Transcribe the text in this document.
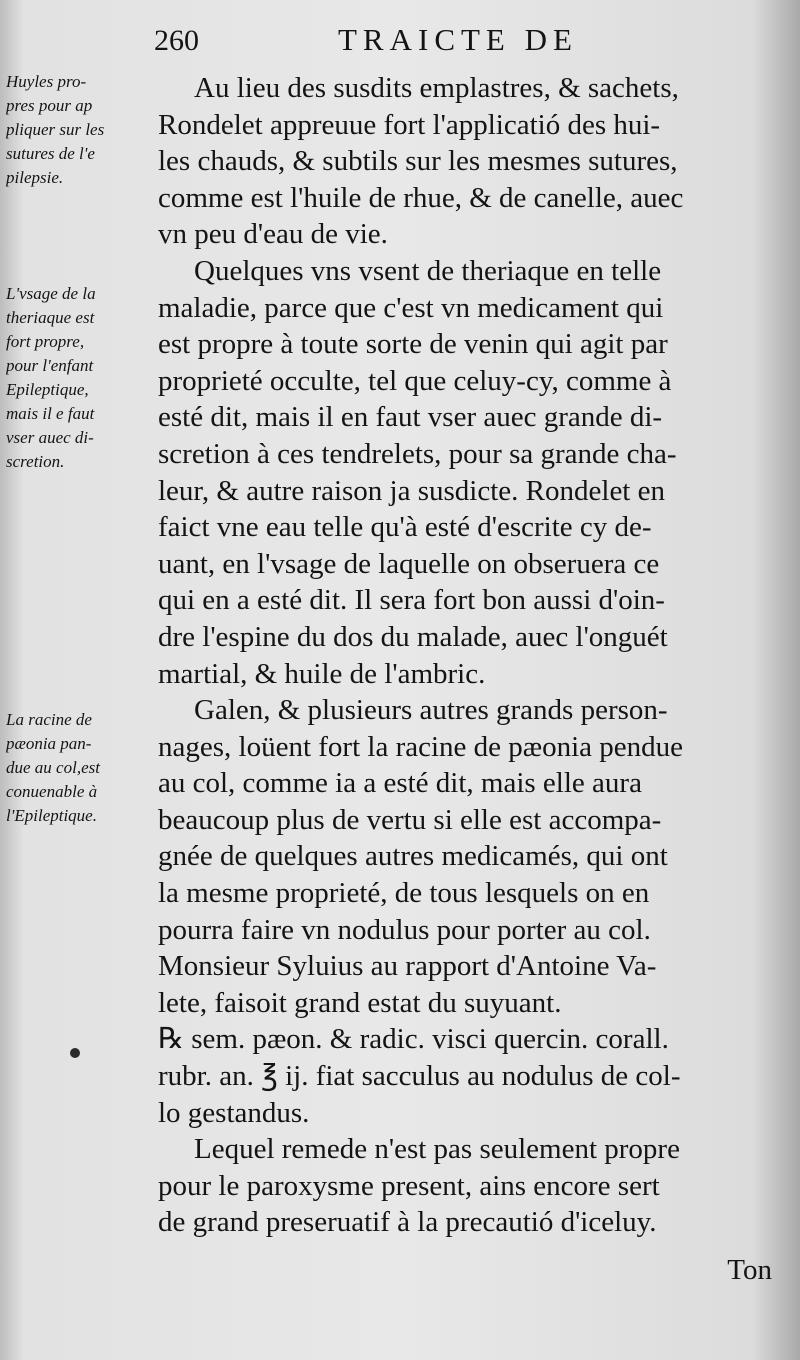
260	TRAICTE DE
Huyles pro-
pres pour ap
pliquer sur les
sutures de l'e
pilepsie.
L'vsage de la
theriaque est
fort propre,
pour l'enfant
Epileptique,
mais il e faut
vser auec di-
scretion.
La racine de
pæonia pan-
due au col,est
conuenable à
l'Epileptique.
Au lieu des susdits emplastres, & sachets,
Rondelet appreuue fort l'applicatió des hui-
les chauds, & subtils sur les mesmes sutures,
comme est l'huile de rhue, & de canelle, auec
vn peu d'eau de vie.
Quelques vns vsent de theriaque en telle
maladie, parce que c'est vn medicament qui
est propre à toute sorte de venin qui agit par
proprieté occulte, tel que celuy-cy, comme à
esté dit, mais il en faut vser auec grande di-
scretion à ces tendrelets, pour sa grande cha-
leur, & autre raison ja susdicte. Rondelet en
faict vne eau telle qu'à esté d'escrite cy de-
uant, en l'vsage de laquelle on obseruera ce
qui en a esté dit. Il sera fort bon aussi d'oin-
dre l'espine du dos du malade, auec l'onguét
martial, & huile de l'ambric.
Galen, & plusieurs autres grands person-
nages, loüent fort la racine de pæonia pendue
au col, comme ia a esté dit, mais elle aura
beaucoup plus de vertu si elle est accompa-
gnée de quelques autres medicamés, qui ont
la mesme proprieté, de tous lesquels on en
pourra faire vn nodulus pour porter au col.
Monsieur Syluius au rapport d'Antoine Va-
lete, faisoit grand estat du suyuant.
℞ sem. pæon. & radic. visci quercin. corall.
rubr. an. ℥ ij. fiat sacculus au nodulus de col-
lo gestandus.
Lequel remede n'est pas seulement propre
pour le paroxysme present, ains encore sert
de grand preseruatif à la precautió d'iceluy.
Ton
